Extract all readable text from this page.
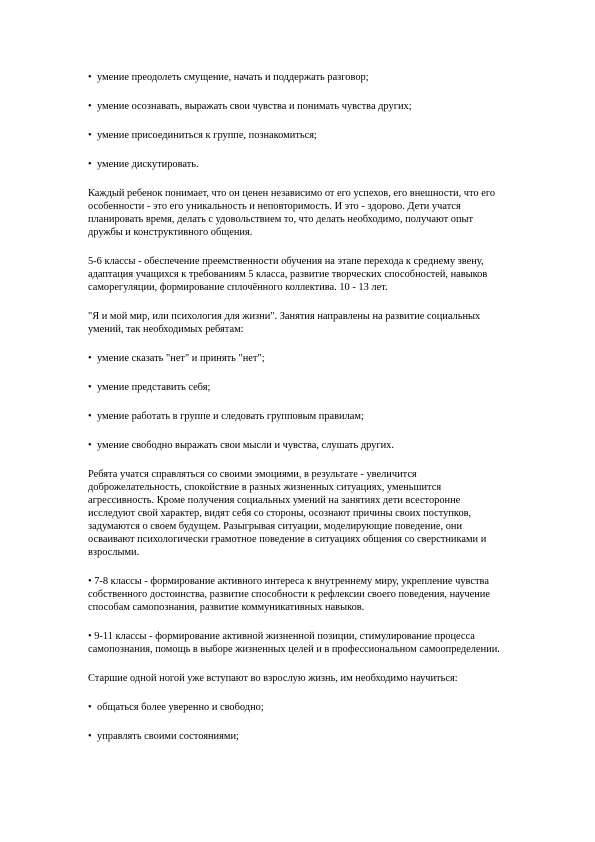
• умение преодолеть смущение, начать и поддержать разговор;
• умение осознавать, выражать свои чувства и понимать чувства других;
• умение присоединиться к группе, познакомиться;
• умение дискутировать.
Каждый ребенок понимает, что он ценен независимо от его успехов, его внешности, что его
особенности - это его уникальность и неповторимость. И это - здорово. Дети учатся
планировать время, делать с удовольствием то, что делать необходимо, получают опыт
дружбы и конструктивного общения.
5-6 классы - обеспечение преемственности обучения на этапе перехода к среднему звену,
адаптация учащихся к требованиям 5 класса, развитие творческих способностей, навыков
саморегуляции, формирование сплочённого коллектива. 10 - 13 лет.
"Я и мой мир, или психология для жизни". Занятия направлены на развитие социальных
умений, так необходимых ребятам:
• умение сказать "нет" и принять "нет";
• умение представить себя;
• умение работать в группе и следовать групповым правилам;
• умение свободно выражать свои мысли и чувства, слушать других.
Ребята учатся справляться со своими эмоциями, в результате - увеличится
доброжелательность, спокойствие в разных жизненных ситуациях, уменьшится
агрессивность. Кроме получения социальных умений на занятиях дети всесторонне
исследуют свой характер, видят себя со стороны, осознают причины своих поступков,
задумаются о своем будущем. Разыгрывая ситуации, моделирующие поведение, они
осваивают психологически грамотное поведение в ситуациях общения со сверстниками и
взрослыми.
• 7-8 классы - формирование активного интереса к внутреннему миру, укрепление чувства
собственного достоинства, развитие способности к рефлексии своего поведения, научение
способам самопознания, развитие коммуникативных навыков.
• 9-11 классы - формирование активной жизненной позиции, стимулирование процесса
самопознания, помощь в выборе жизненных целей и в профессиональном самоопределении.
Старшие одной ногой уже вступают во взрослую жизнь, им необходимо научиться:
• общаться более уверенно и свободно;
• управлять своими состояниями;
